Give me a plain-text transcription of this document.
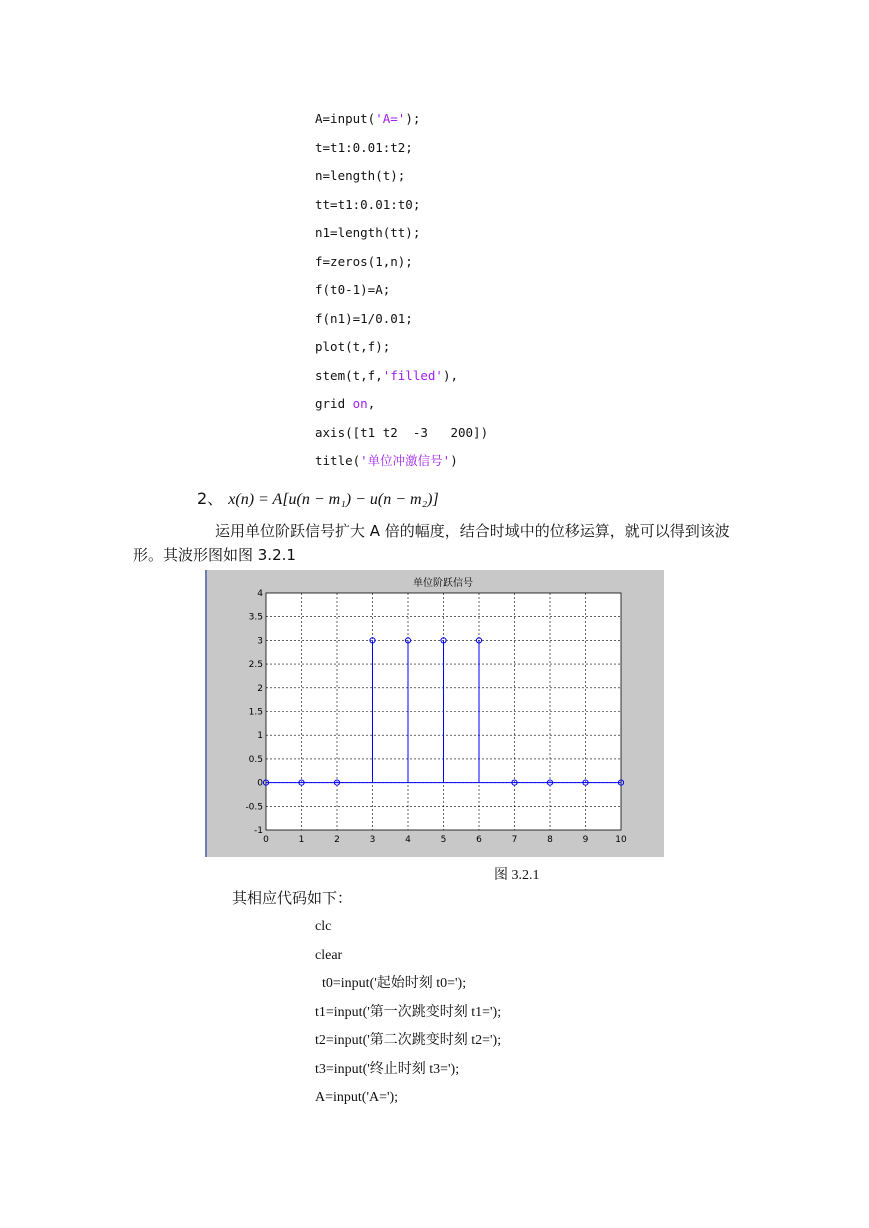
A=input('A=');
t=t1:0.01:t2;
n=length(t);
tt=t1:0.01:t0;
n1=length(tt);
f=zeros(1,n);
f(t0-1)=A;
f(n1)=1/0.01;
plot(t,f);
stem(t,f,'filled'),
grid on,
axis([t1 t2  -3   200])
title('单位冲激信号')
2、 x(n) = A[u(n − m₁) − u(n − m₂)]
运用单位阶跃信号扩大 A 倍的幅度，结合时域中的位移运算，就可以得到该波形。其波形图如图 3.2.1
单位阶跃信号
0	1	2	3	4	5	6	7	8	9	10
-1
-0.5
0
0.5
1
1.5
2
2.5
3
3.5
4
图 3.2.1
其相应代码如下：
clc
clear
t0=input('起始时刻 t0=');
t1=input('第一次跳变时刻 t1=');
t2=input('第二次跳变时刻 t2=');
t3=input('终止时刻 t3=');
A=input('A=');
